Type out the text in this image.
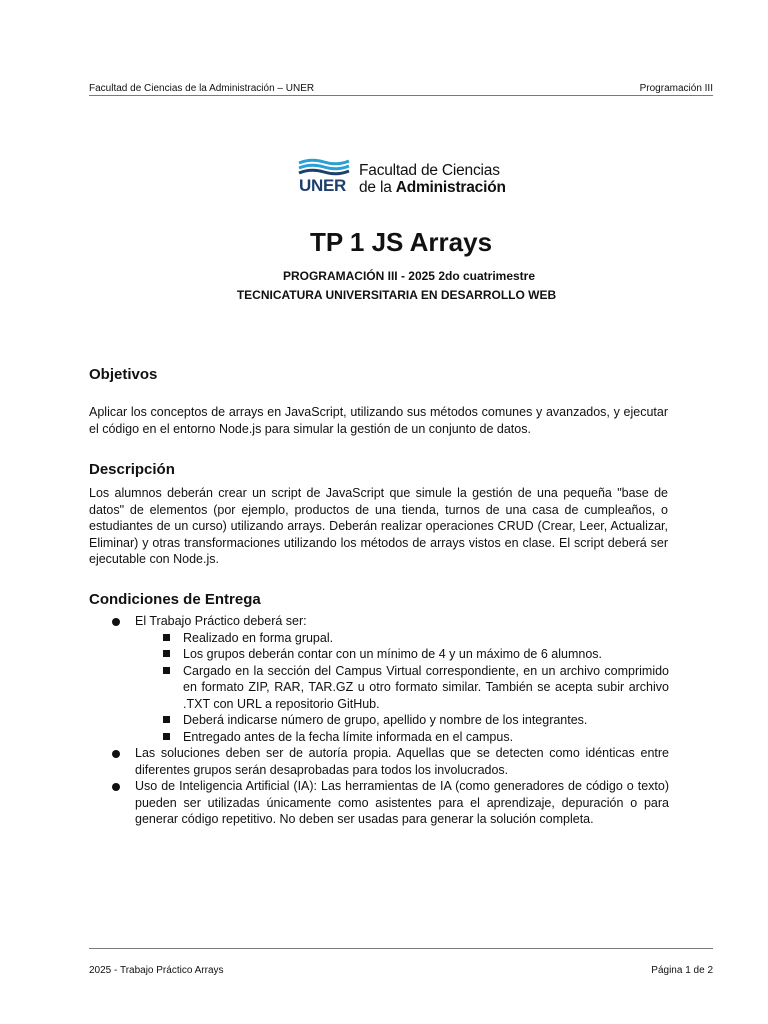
Facultad de Ciencias de la Administración – UNER	Programación III
UNER
Facultad de Ciencias
de la Administración
TP 1 JS Arrays
PROGRAMACIÓN III - 2025 2do cuatrimestre
TECNICATURA UNIVERSITARIA EN DESARROLLO WEB
Objetivos
Aplicar los conceptos de arrays en JavaScript, utilizando sus métodos comunes y avanzados, y ejecutar el código en el entorno Node.js para simular la gestión de un conjunto de datos.
Descripción
Los alumnos deberán crear un script de JavaScript que simule la gestión de una pequeña "base de datos" de elementos (por ejemplo, productos de una tienda, turnos de una casa de cumpleaños, o estudiantes de un curso) utilizando arrays. Deberán realizar operaciones CRUD (Crear, Leer, Actualizar, Eliminar) y otras transformaciones utilizando los métodos de arrays vistos en clase. El script deberá ser ejecutable con Node.js.
Condiciones de Entrega
El Trabajo Práctico deberá ser:
Realizado en forma grupal.
Los grupos deberán contar con un mínimo de 4 y un máximo de 6 alumnos.
Cargado en la sección del Campus Virtual correspondiente, en un archivo comprimido en formato ZIP, RAR, TAR.GZ u otro formato similar. También se acepta subir archivo .TXT con URL a repositorio GitHub.
Deberá indicarse número de grupo, apellido y nombre de los integrantes.
Entregado antes de la fecha límite informada en el campus.
Las soluciones deben ser de autoría propia. Aquellas que se detecten como idénticas entre diferentes grupos serán desaprobadas para todos los involucrados.
Uso de Inteligencia Artificial (IA): Las herramientas de IA (como generadores de código o texto) pueden ser utilizadas únicamente como asistentes para el aprendizaje, depuración o para generar código repetitivo. No deben ser usadas para generar la solución completa.
2025 - Trabajo Práctico Arrays	Página 1 de 2
